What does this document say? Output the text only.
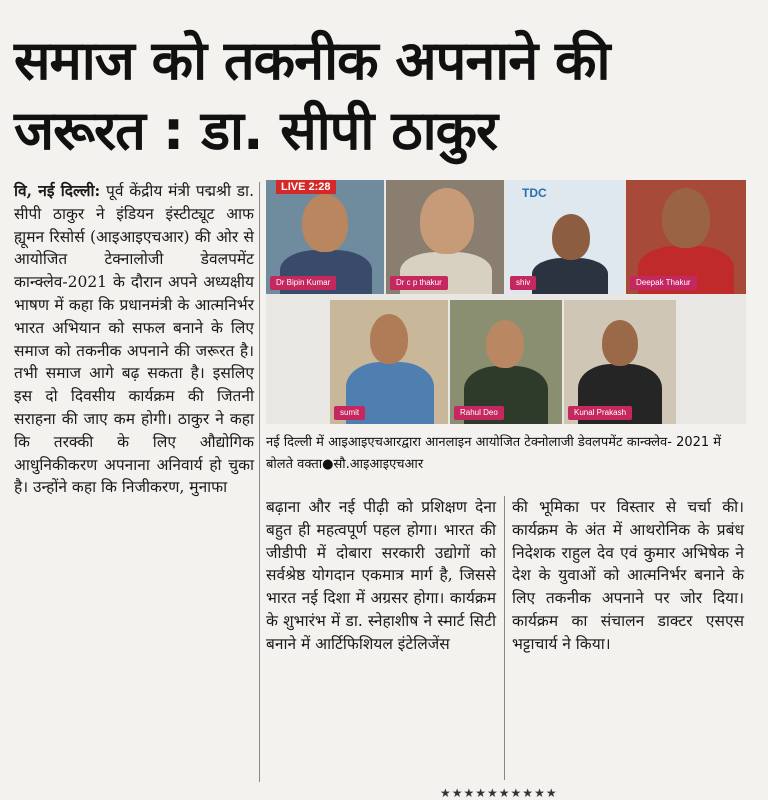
समाज को तकनीक अपनाने की
जरूरत : डा. सीपी ठाकुर

वि, नई दिल्ली: पूर्व केंद्रीय मंत्री पद्मश्री डा. सीपी ठाकुर ने इंडियन इंस्टीट्यूट आफ ह्यूमन रिसोर्स (आइआइएचआर) की ओर से आयोजित टेक्नालोजी डेवलपमेंट कान्क्लेव-2021 के दौरान अपने अध्यक्षीय भाषण में कहा कि प्रधानमंत्री के आत्मनिर्भर भारत अभियान को सफल बनाने के लिए समाज को तकनीक अपनाने की जरूरत है। तभी समाज आगे बढ़ सकता है। इसलिए इस दो दिवसीय कार्यक्रम की जितनी सराहना की जाए कम होगी। ठाकुर ने कहा कि तरक्की के लिए औद्योगिक आधुनिकीकरण अपनाना अनिवार्य हो चुका है। उन्होंने कहा कि निजीकरण, मुनाफा

LIVE 2:28
Dr Bipin Kumar	Dr c p thakur
TDC
shiv	Deepak Thakur
sumit	Rahul Deo	Kunal Prakash
नई दिल्ली में आइआइएचआरद्वारा आनलाइन आयोजित टेक्नोलाजी डेवलपमेंट कान्क्लेव- 2021 में बोलते वक्ता●सौ.आइआइएचआर

बढ़ाना और नई पीढ़ी को प्रशिक्षण देना बहुत ही महत्वपूर्ण पहल होगा। भारत की जीडीपी में दोबारा सरकारी उद्योगों को सर्वश्रेष्ठ योगदान एकमात्र मार्ग है, जिससे भारत नई दिशा में अग्रसर होगा। कार्यक्रम के शुभारंभ में डा. स्नेहाशीष ने स्मार्ट सिटी बनाने में आर्टिफिशियल इंटेलिजेंस

की भूमिका पर विस्तार से चर्चा की। कार्यक्रम के अंत में आथरोनिक के प्रबंध निदेशक राहुल देव एवं कुमार अभिषेक ने देश के युवाओं को आत्मनिर्भर बनाने के लिए तकनीक अपनाने पर जोर दिया। कार्यक्रम का संचालन डाक्टर एसएस भट्टाचार्य ने किया।

★★★★★★★★★★
